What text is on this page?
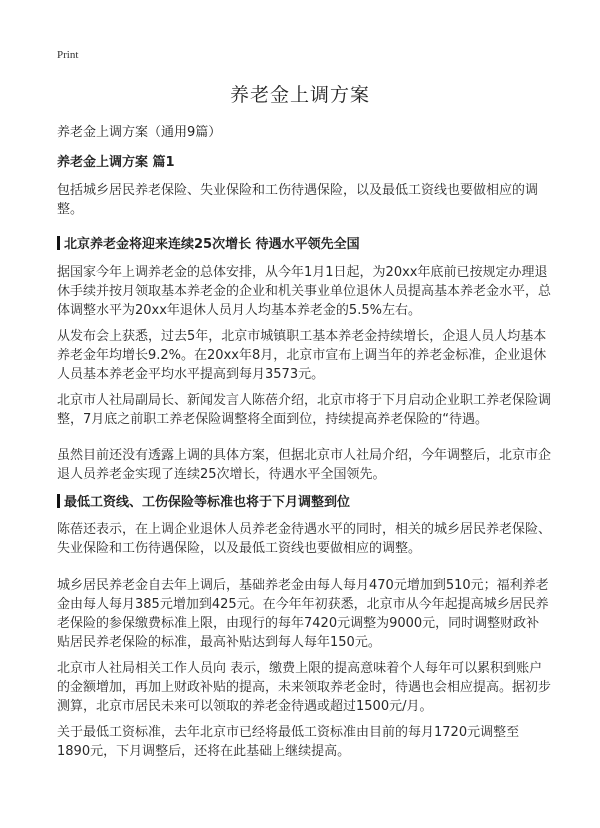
Print
养老金上调方案
养老金上调方案（通用9篇）
养老金上调方案 篇1

包括城乡居民养老保险、失业保险和工伤待遇保险，以及最低工资线也要做相应的调整。

北京养老金将迎来连续25次增长 待遇水平领先全国

据国家今年上调养老金的总体安排，从今年1月1日起，为20xx年底前已按规定办理退休手续并按月领取基本养老金的企业和机关事业单位退休人员提高基本养老金水平，总体调整水平为20xx年退休人员月人均基本养老金的5.5%左右。

从发布会上获悉，过去5年，北京市城镇职工基本养老金持续增长，企退人员人均基本养老金年均增长9.2%。在20xx年8月，北京市宣布上调当年的养老金标准，企业退休人员基本养老金平均水平提高到每月3573元。

北京市人社局副局长、新闻发言人陈蓓介绍，北京市将于下月启动企业职工养老保险调整，7月底之前职工养老保险调整将全面到位，持续提高养老保险的“待遇。

虽然目前还没有透露上调的具体方案，但据北京市人社局介绍，今年调整后，北京市企退人员养老金实现了连续25次增长，待遇水平全国领先。

最低工资线、工伤保险等标准也将于下月调整到位

陈蓓还表示，在上调企业退休人员养老金待遇水平的同时，相关的城乡居民养老保险、失业保险和工伤待遇保险，以及最低工资线也要做相应的调整。

城乡居民养老金自去年上调后，基础养老金由每人每月470元增加到510元；福利养老金由每人每月385元增加到425元。在今年年初获悉，北京市从今年起提高城乡居民养老保险的参保缴费标准上限，由现行的每年7420元调整为9000元，同时调整财政补贴居民养老保险的标准，最高补贴达到每人每年150元。

北京市人社局相关工作人员向 表示，缴费上限的提高意味着个人每年可以累积到账户的金额增加，再加上财政补贴的提高，未来领取养老金时，待遇也会相应提高。据初步测算，北京市居民未来可以领取的养老金待遇或超过1500元/月。

关于最低工资标准，去年北京市已经将最低工资标准由目前的每月1720元调整至1890元，下月调整后，还将在此基础上继续提高。
